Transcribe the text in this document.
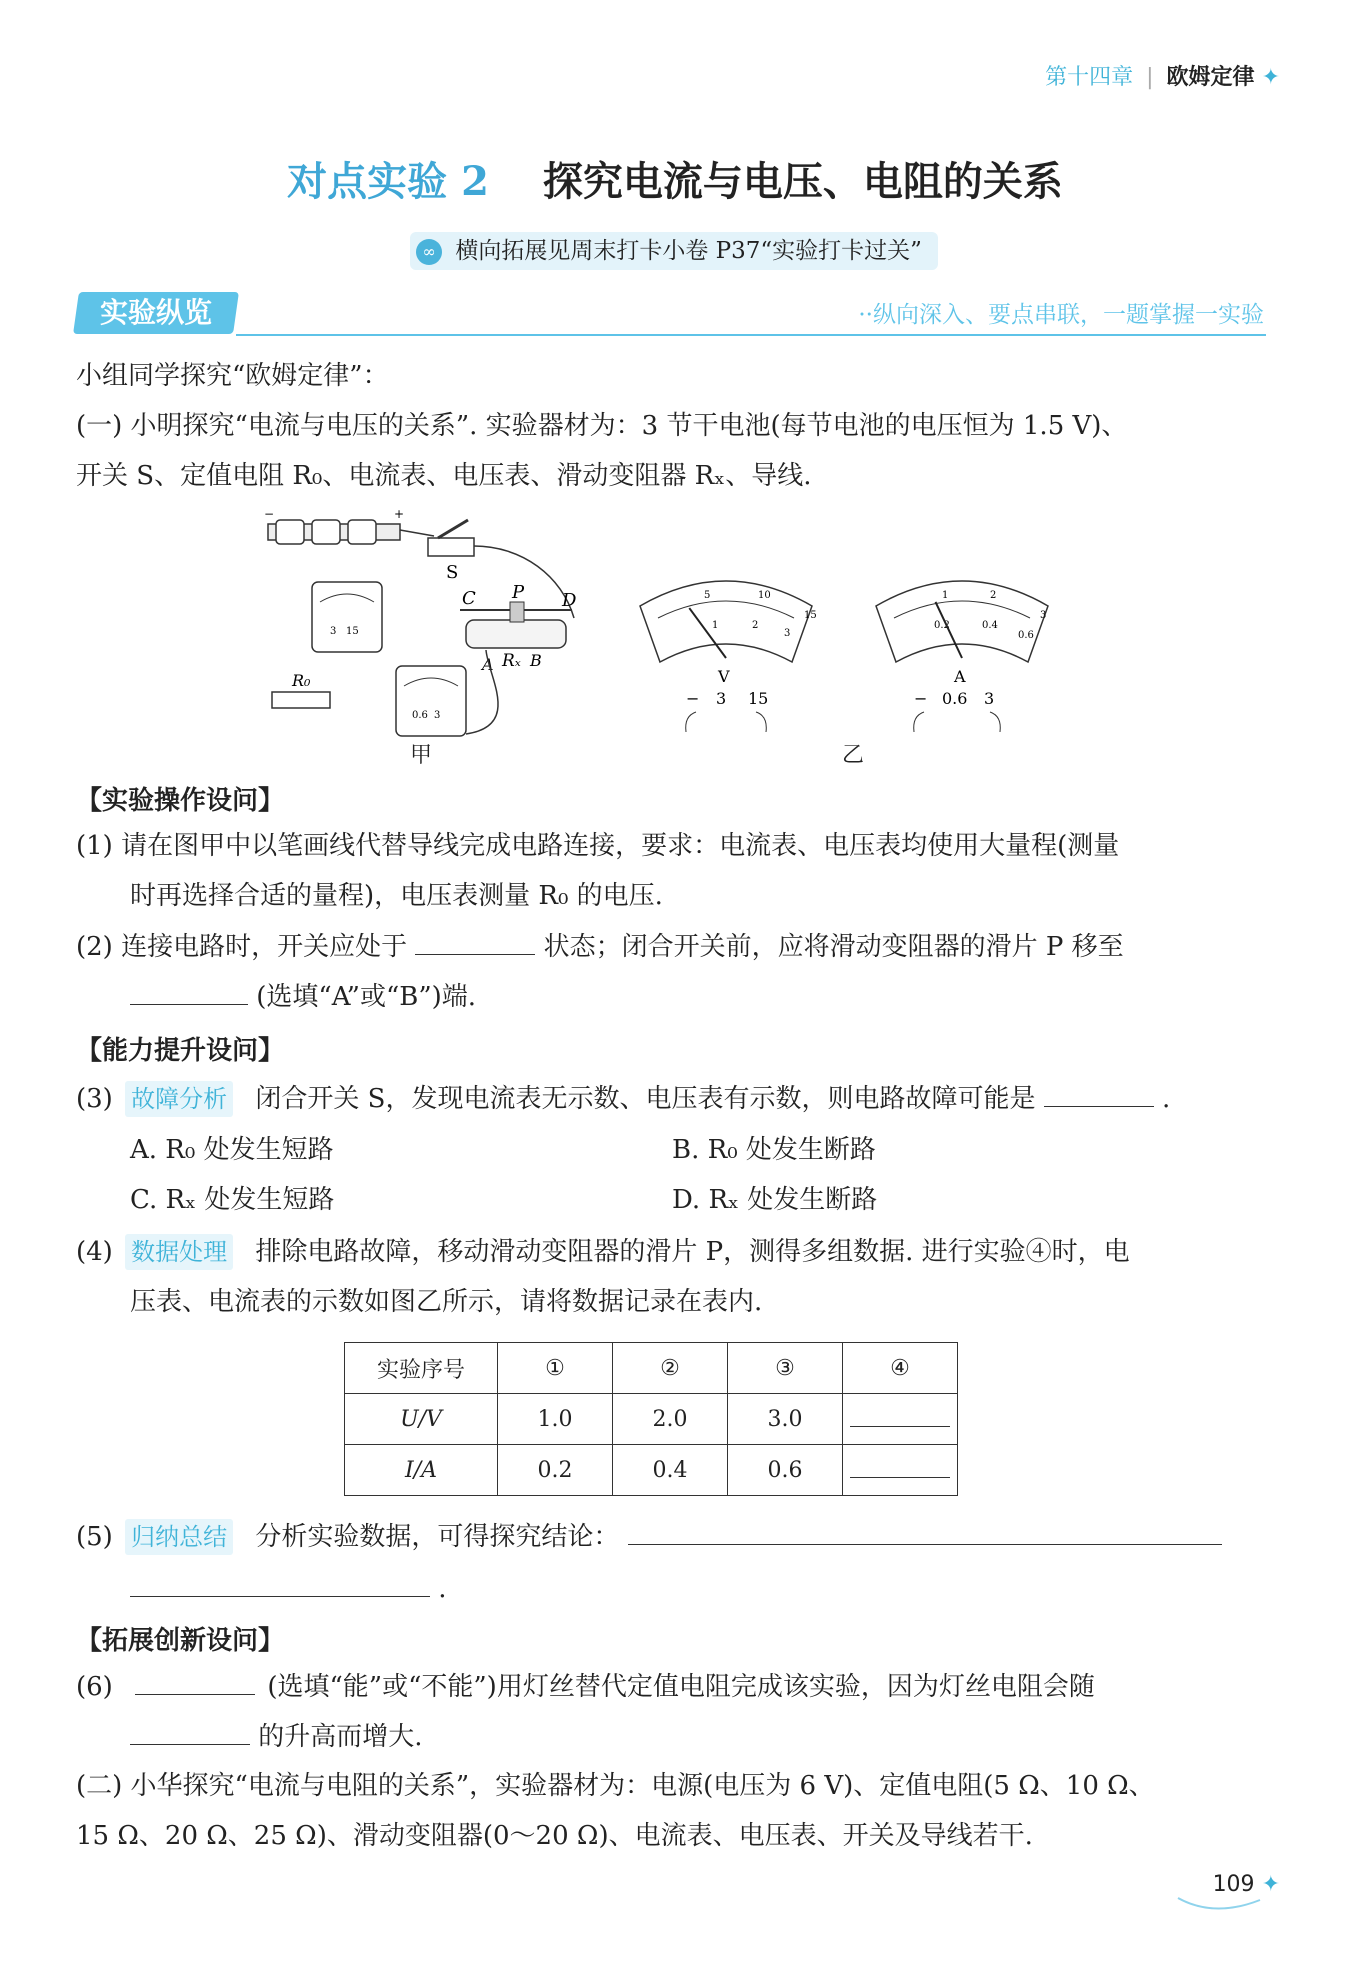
第十四章 | 欧姆定律 ✦
对点实验 2 探究电流与电压、电阻的关系
∞ 横向拓展见周末打卡小卷 P37“实验打卡过关”
实验纵览	··纵向深入、要点串联，一题掌握一实验
小组同学探究“欧姆定律”：
(一) 小明探究“电流与电压的关系”. 实验器材为：3 节干电池(每节电池的电压恒为 1.5 V)、
开关 S、定值电阻 R₀、电流表、电压表、滑动变阻器 Rₓ、导线.
−	+
S
C P D
A Rₓ B
3 15
0.6 3
R₀
甲
5	10
15
1	2
3
V
− 3 15
1	2
3
0.2	0.4
0.6
A
− 0.6 3
乙
【实验操作设问】
(1) 请在图甲中以笔画线代替导线完成电路连接，要求：电流表、电压表均使用大量程(测量
时再选择合适的量程)，电压表测量 R₀ 的电压.
(2) 连接电路时，开关应处于	状态；闭合开关前，应将滑动变阻器的滑片 P 移至
(选填“A”或“B”)端.
【能力提升设问】
(3) 故障分析 闭合开关 S，发现电流表无示数、电压表有示数，则电路故障可能是	.
A. R₀ 处发生短路	B. R₀ 处发生断路
C. Rₓ 处发生短路	D. Rₓ 处发生断路
(4) 数据处理 排除电路故障，移动滑动变阻器的滑片 P，测得多组数据. 进行实验④时，电
压表、电流表的示数如图乙所示，请将数据记录在表内.
实验序号	①	②	③	④
U/V	1.0	2.0	3.0	
I/A	0.2	0.4	0.6	
(5) 归纳总结 分析实验数据，可得探究结论：
.
【拓展创新设问】
(6)	(选填“能”或“不能”)用灯丝替代定值电阻完成该实验，因为灯丝电阻会随
的升高而增大.
(二) 小华探究“电流与电阻的关系”，实验器材为：电源(电压为 6 V)、定值电阻(5 Ω、10 Ω、
15 Ω、20 Ω、25 Ω)、滑动变阻器(0～20 Ω)、电流表、电压表、开关及导线若干.
109 ✦
